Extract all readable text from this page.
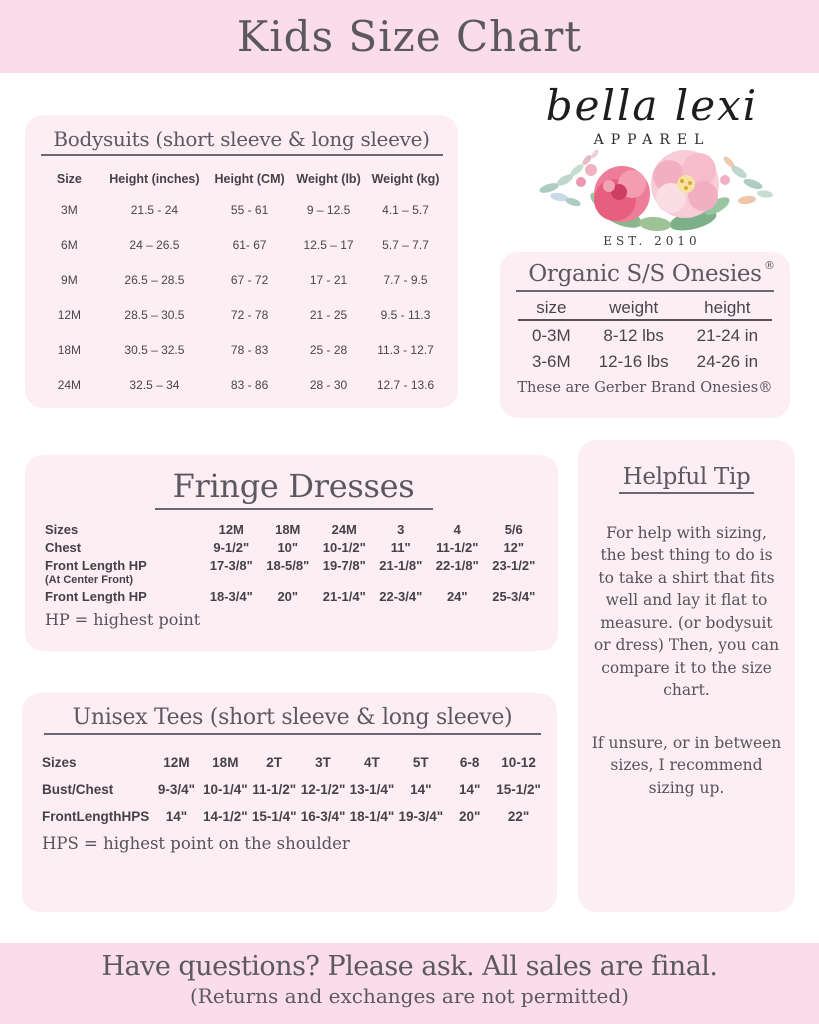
Kids Size Chart
Bodysuits (short sleeve & long sleeve)
Size	Height (inches)	Height (CM)	Weight (lb)	Weight (kg)
3M	21.5 - 24	55 - 61	9 – 12.5	4.1 – 5.7
6M	24 – 26.5	61- 67	12.5 – 17	5.7 – 7.7
9M	26.5 – 28.5	67 - 72	17 - 21	7.7 - 9.5
12M	28.5 – 30.5	72 - 78	21 - 25	9.5 - 11.3
18M	30.5 – 32.5	78 - 83	25 - 28	11.3 - 12.7
24M	32.5 – 34	83 - 86	28 - 30	12.7 - 13.6
bella lexi
APPAREL
EST. 2010
Organic S/S Onesies ®
size	weight	height
0-3M	8-12 lbs	21-24 in
3-6M	12-16 lbs	24-26 in
These are Gerber Brand Onesies®
Fringe Dresses
Sizes	12M	18M	24M	3	4	5/6
Chest	9-1/2"	10"	10-1/2"	11"	11-1/2"	12"
Front Length HP	17-3/8"	18-5/8"	19-7/8"	21-1/8"	22-1/8"	23-1/2"
(At Center Front)						
Front Length HP	18-3/4"	20"	21-1/4"	22-3/4"	24"	25-3/4"
HP = highest point
Helpful Tip

For help with sizing, the best thing to do is to take a shirt that fits well and lay it flat to measure. (or bodysuit or dress) Then, you can compare it to the size chart.

If unsure, or in between sizes, I recommend sizing up.

Unisex Tees (short sleeve & long sleeve)
Sizes	12M	18M	2T	3T	4T	5T	6-8	10-12
Bust/Chest	9-3/4"	10-1/4"	11-1/2"	12-1/2"	13-1/4"	14"	14"	15-1/2"
FrontLengthHPS	14"	14-1/2"	15-1/4"	16-3/4"	18-1/4"	19-3/4"	20"	22"
HPS = highest point on the shoulder
Have questions? Please ask. All sales are final.
(Returns and exchanges are not permitted)
